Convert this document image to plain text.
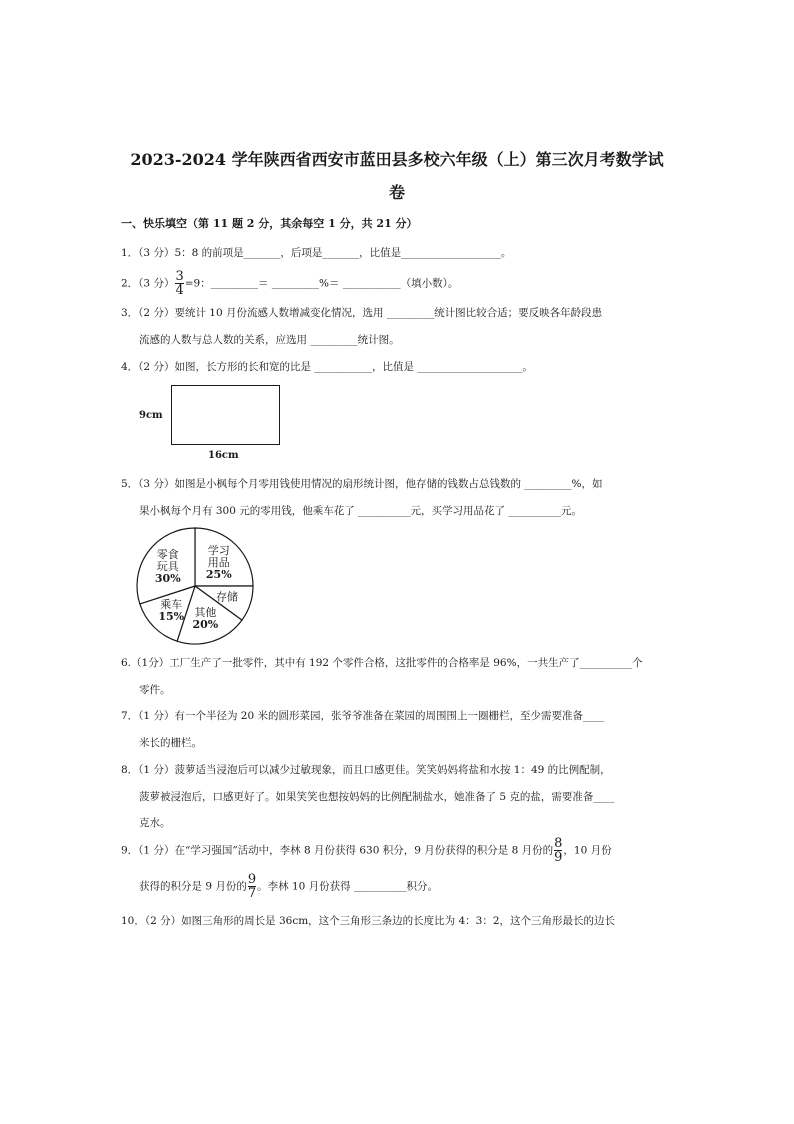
2023-2024 学年陕西省西安市蓝田县多校六年级（上）第三次月考数学试
卷
一、快乐填空（第 11 题 2 分，其余每空 1 分，共 21 分）
1．（3 分）5：8 的前项是_______，后项是_______，比值是___________________。
2．（3 分） $\frac{3}{4} =9$：_________＝ _________%＝ ___________（填小数）。
3．（2 分）要统计 10 月份流感人数增减变化情况，选用 _________统计图比较合适；要反映各年龄段患
流感的人数与总人数的关系，应选用 _________统计图。
4．（2 分）如图，长方形的长和宽的比是 ___________，比值是 ____________________。
9cm
16cm
5．（3 分）如图是小枫每个月零用钱使用情况的扇形统计图，他存储的钱数占总钱数的 _________%，如
果小枫每个月有 300 元的零用钱，他乘车花了 __________元，买学习用品花了 __________元。
学习
用品
25%
存储
其他
20%
乘车
15%
零食
玩具
30%
6.（1分）工厂生产了一批零件，其中有 192 个零件合格，这批零件的合格率是 96%，一共生产了__________个
零件。
7．（1 分）有一个半径为 20 米的圆形菜园，张爷爷准备在菜园的周围围上一圈栅栏，至少需要准备____
米长的栅栏。
8．（1 分）菠萝适当浸泡后可以减少过敏现象，而且口感更佳。笑笑妈妈将盐和水按 1：49 的比例配制，
菠萝被浸泡后，口感更好了。如果笑笑也想按妈妈的比例配制盐水，她准备了 5 克的盐，需要准备____
克水。
9．（1 分）在“学习强国”活动中，李林 8 月份获得 630 积分，9 月份获得的积分是 8 月份的 $\frac{8}{9}$ ，10 月份
获得的积分是 9 月份的 $\frac{9}{7}$ 。李林 10 月份获得 __________积分。
10．（2 分）如图三角形的周长是 36cm，这个三角形三条边的长度比为 4：3：2，这个三角形最长的边长
